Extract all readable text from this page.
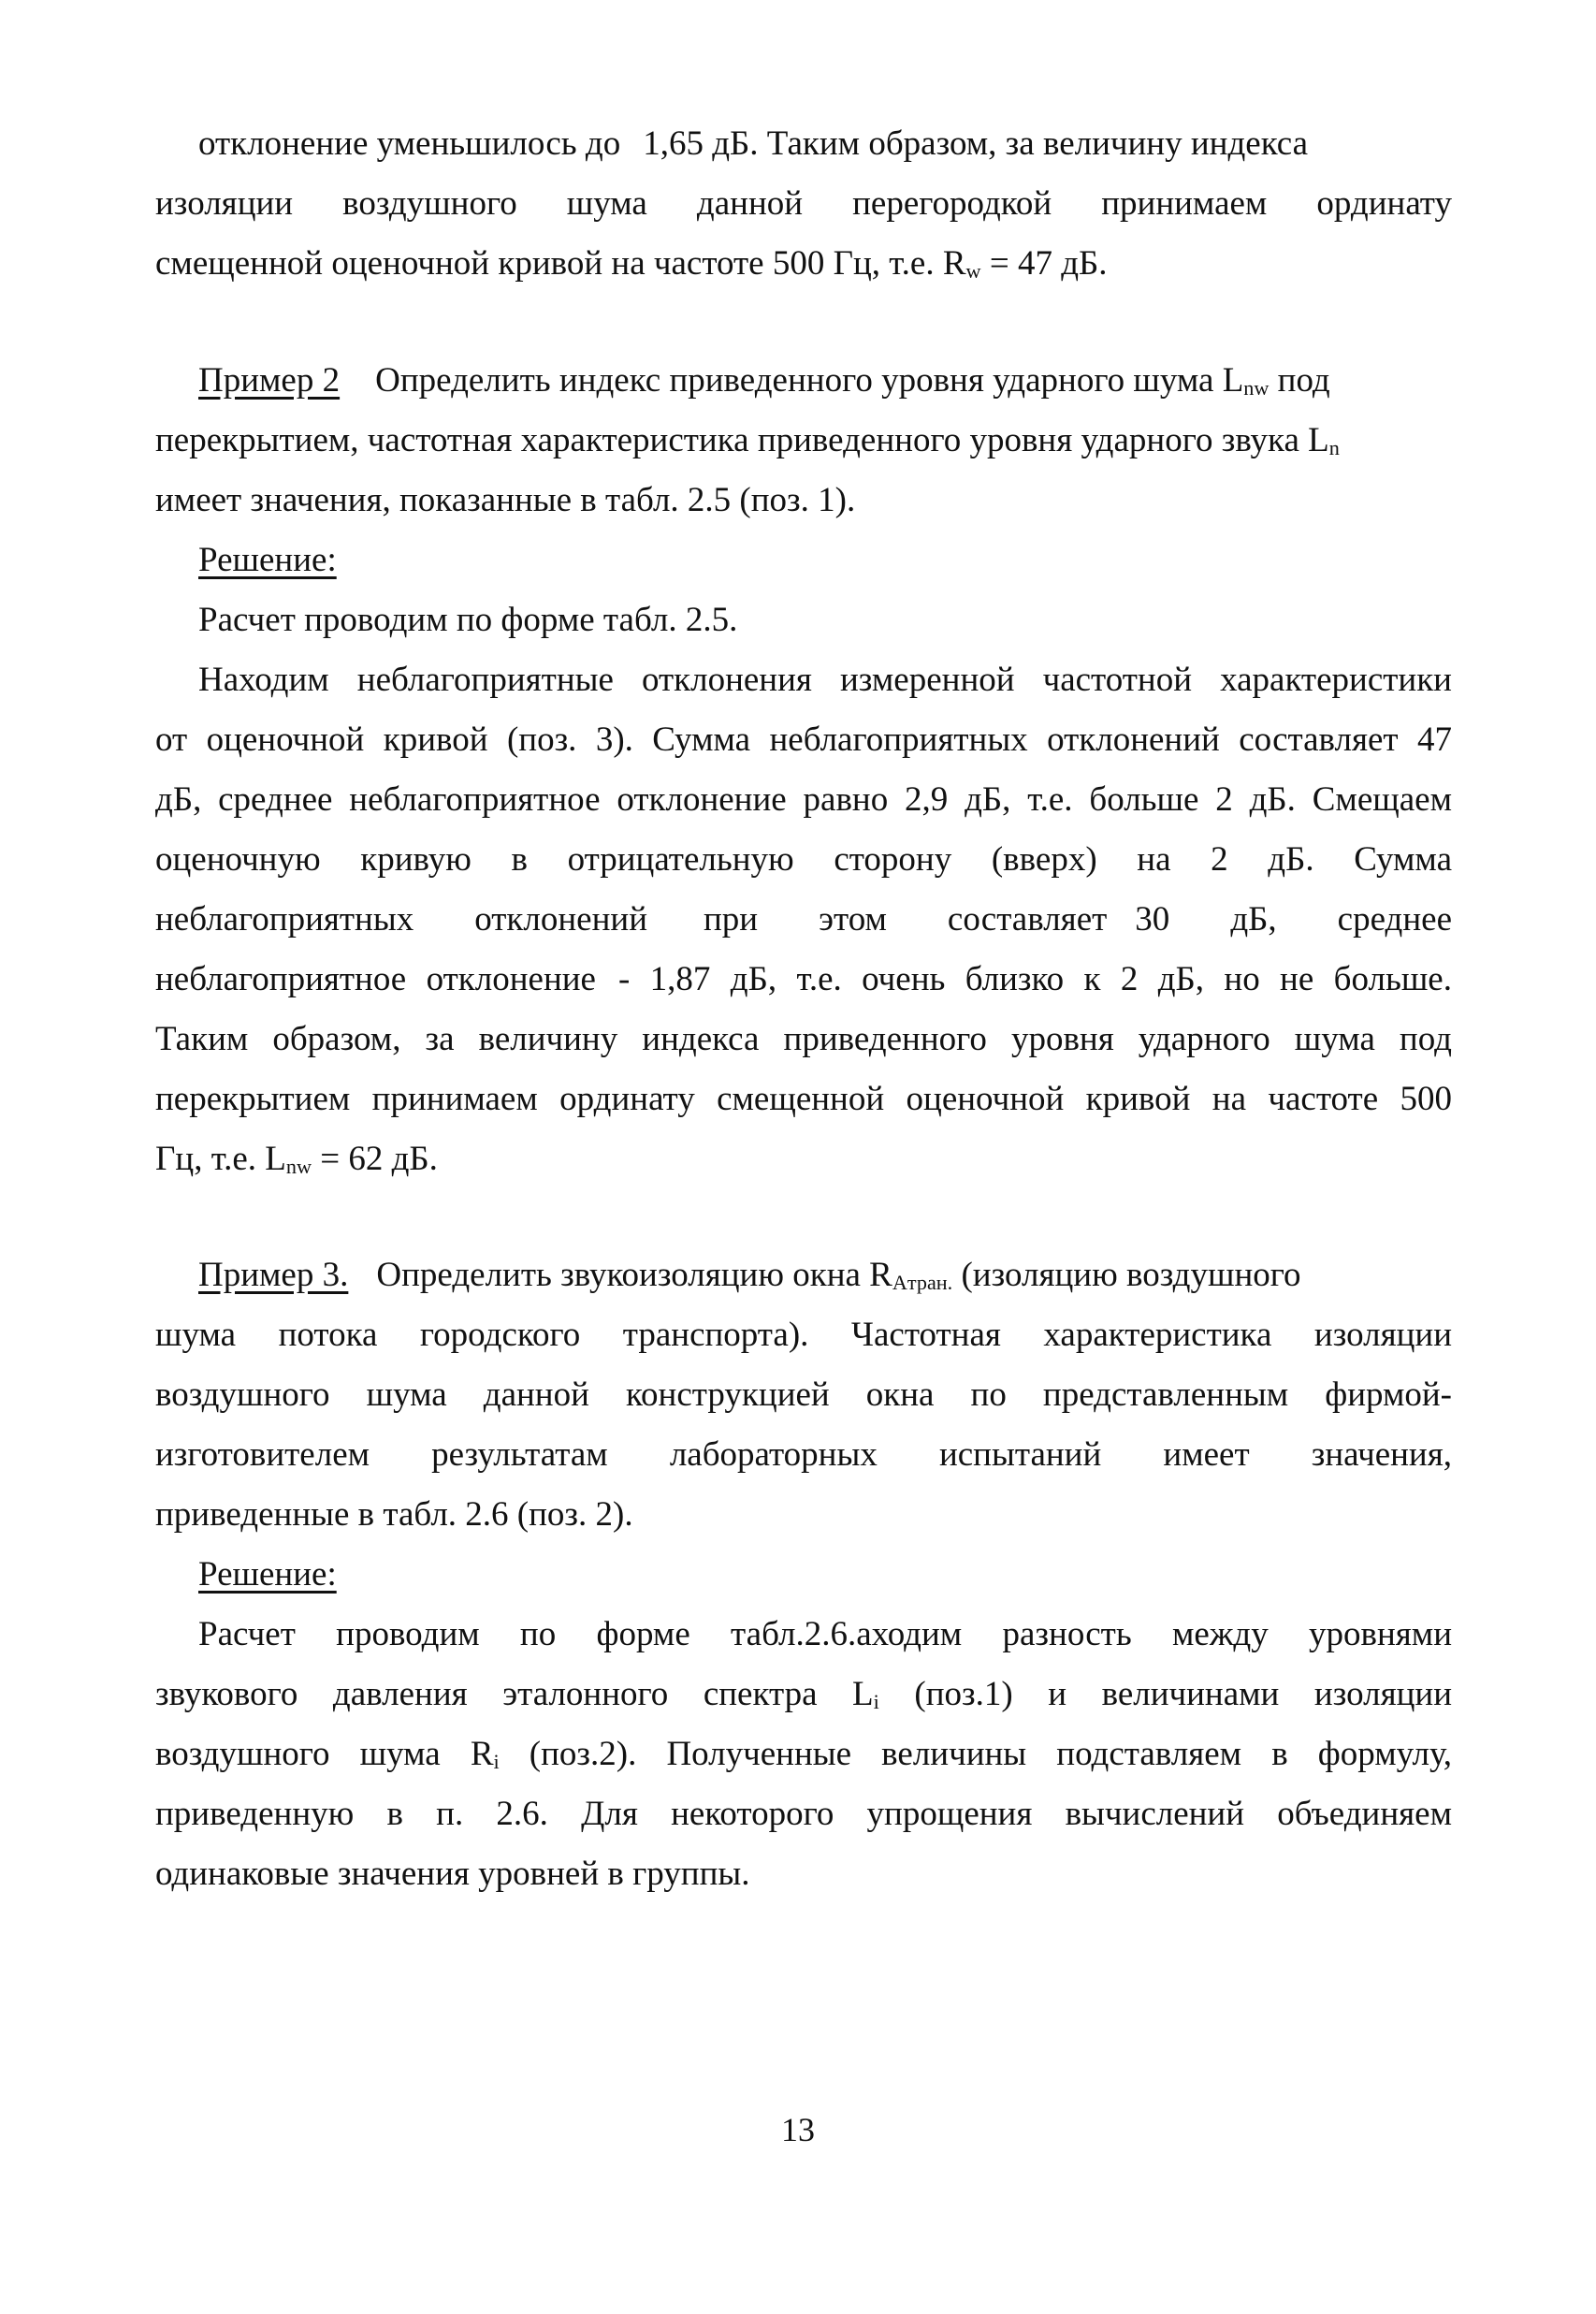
отклонение уменьшилось до 1,65 дБ. Таким образом, за величину индекса
изоляции воздушного шума данной перегородкой принимаем ординату
смещенной оценочной кривой на частоте 500 Гц, т.е. $R_w = 47$ дБ.
Пример 2 Определить индекс приведенного уровня ударного шума $L_{nw}$ под
перекрытием, частотная характеристика приведенного уровня ударного звука $L_n$
имеет значения, показанные в табл. 2.5 (поз. 1).
Решение:
Расчет проводим по форме табл. 2.5.
Находим неблагоприятные отклонения измеренной частотной характеристики
от оценочной кривой (поз. 3). Сумма неблагоприятных отклонений составляет 47
дБ, среднее неблагоприятное отклонение равно 2,9 дБ, т.е. больше 2 дБ. Смещаем
оценочную кривую в отрицательную сторону (вверх) на 2 дБ. Сумма
неблагоприятных отклонений при этом составляет 30 дБ, среднее
неблагоприятное отклонение - 1,87 дБ, т.е. очень близко к 2 дБ, но не больше.
Таким образом, за величину индекса приведенного уровня ударного шума под
перекрытием принимаем ординату смещенной оценочной кривой на частоте 500
Гц, т.е. $L_{nw} = 62$ дБ.
Пример 3. Определить звукоизоляцию окна $R_{Aтран.}$ (изоляцию воздушного
шума потока городского транспорта). Частотная характеристика изоляции
воздушного шума данной конструкцией окна по представленным фирмой-
изготовителем результатам лабораторных испытаний имеет значения,
приведенные в табл. 2.6 (поз. 2).
Решение:
Расчет проводим по форме табл.2.6.аходим разность между уровнями
звукового давления эталонного спектра $L_i$ (поз.1) и величинами изоляции
воздушного шума $R_i$ (поз.2). Полученные величины подставляем в формулу,
приведенную в п. 2.6. Для некоторого упрощения вычислений объединяем
одинаковые значения уровней в группы.
13
